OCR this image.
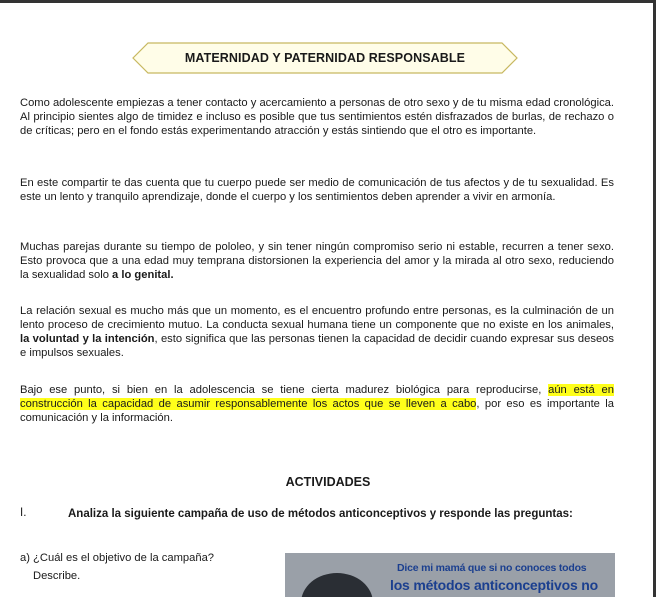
MATERNIDAD Y PATERNIDAD RESPONSABLE

Como adolescente empiezas a tener contacto y acercamiento a personas de otro sexo y de tu misma edad cronológica. Al principio sientes algo de timidez e incluso es posible que tus sentimientos estén disfrazados de burlas, de rechazo o de críticas; pero en el fondo estás experimentando atracción y estás sintiendo que el otro es importante.

En este compartir te das cuenta que tu cuerpo puede ser medio de comunicación de tus afectos y de tu sexualidad. Es este un lento y tranquilo aprendizaje, donde el cuerpo y los sentimientos deben aprender a vivir en armonía.

Muchas parejas durante su tiempo de pololeo, y sin tener ningún compromiso serio ni estable, recurren a tener sexo. Esto provoca que a una edad muy temprana distorsionen la experiencia del amor y la mirada al otro sexo, reduciendo la sexualidad solo a lo genital.

La relación sexual es mucho más que un momento, es el encuentro profundo entre personas, es la culminación de un lento proceso de crecimiento mutuo. La conducta sexual humana tiene un componente que no existe en los animales, la voluntad y la intención, esto significa que las personas tienen la capacidad de decidir cuando expresar sus deseos e impulsos sexuales.

Bajo ese punto, si bien en la adolescencia se tiene cierta madurez biológica para reproducirse, aún está en construcción la capacidad de asumir responsablemente los actos que se lleven a cabo, por eso es importante la comunicación y la información.

ACTIVIDADES
I.	Analiza la siguiente campaña de uso de métodos anticonceptivos y responde las preguntas:
a) ¿Cuál es el objetivo de la campaña?
Describe.
Dice mi mamá que si no conoces todos
los métodos anticonceptivos no
